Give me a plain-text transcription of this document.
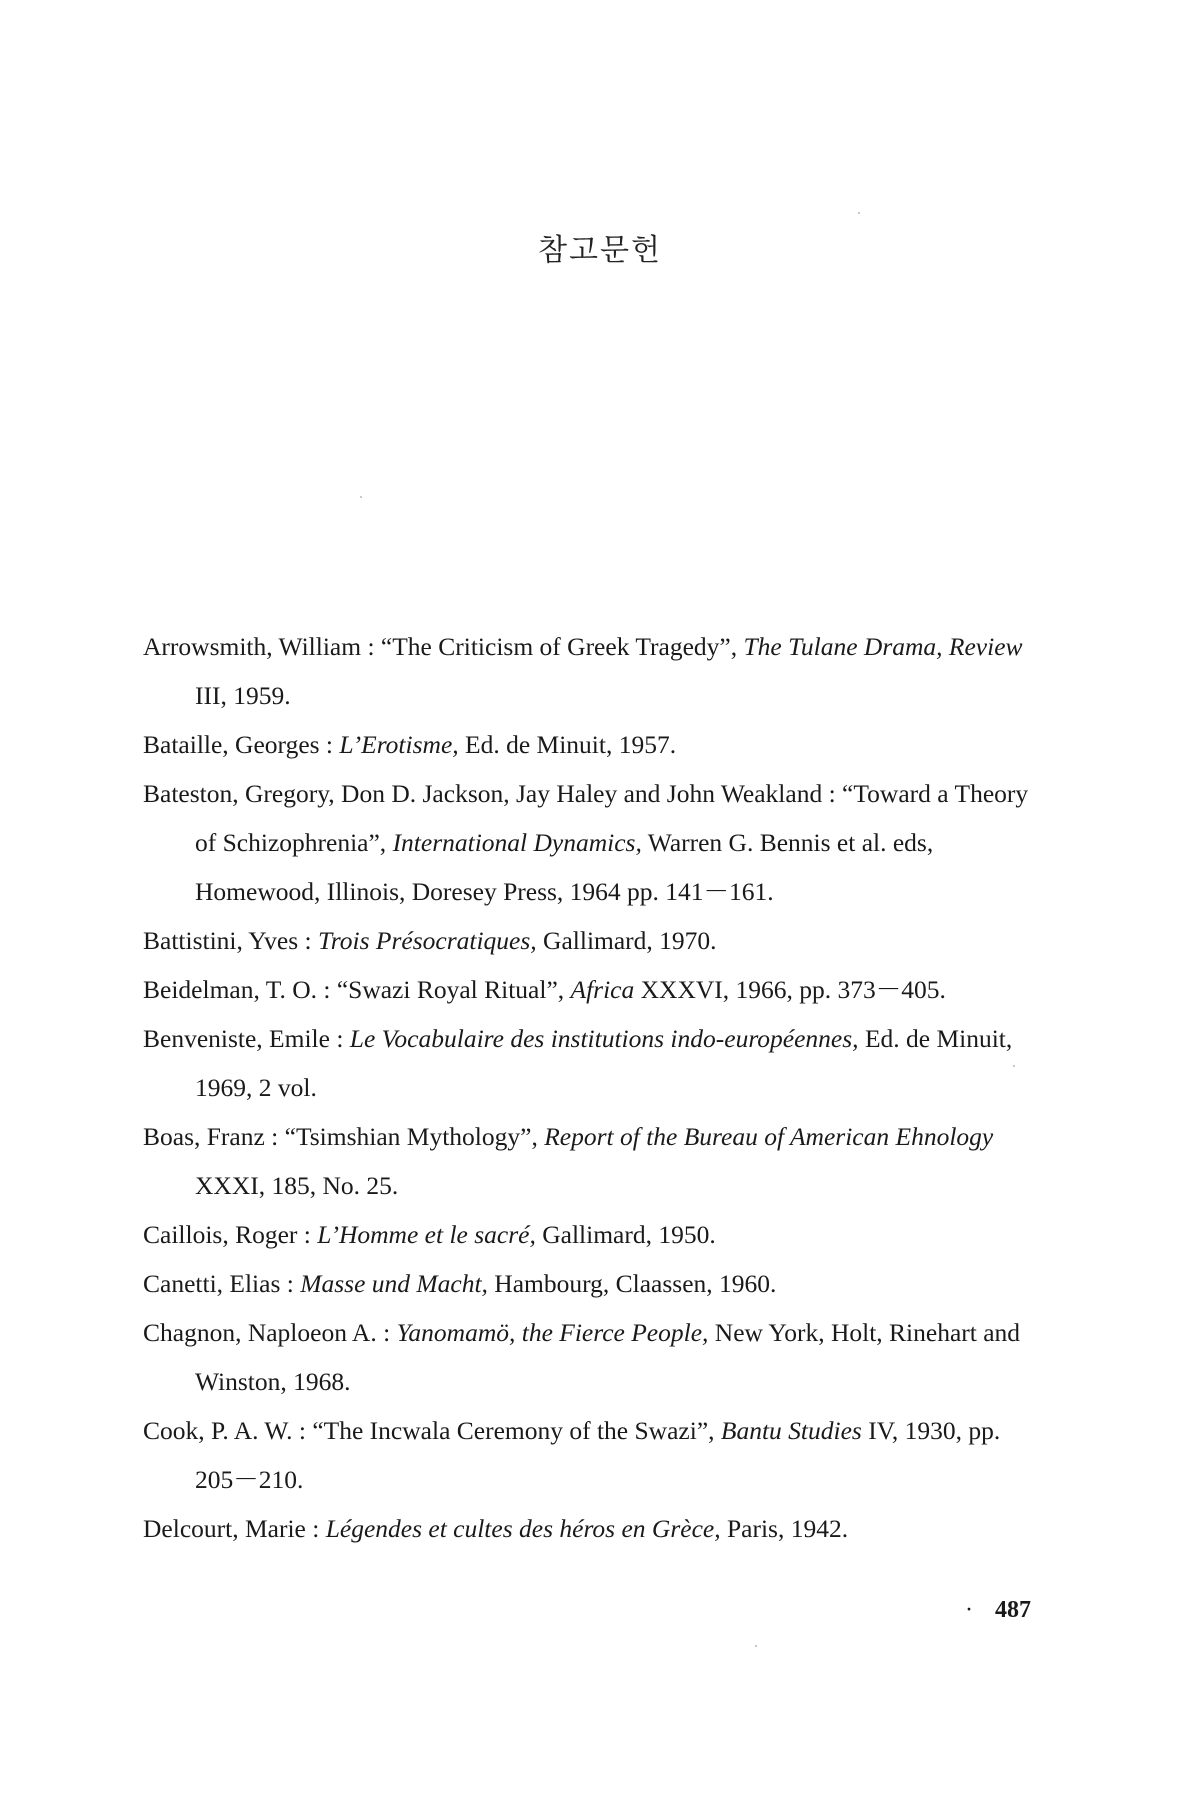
참고문헌

Arrowsmith, William : “The Criticism of Greek Tragedy”, The Tulane Drama, Review III, 1959.

Bataille, Georges : L’Erotisme, Ed. de Minuit, 1957.

Bateston, Gregory, Don D. Jackson, Jay Haley and John Weakland : “Toward a Theory of Schizophrenia”, International Dynamics, Warren G. Bennis et al. eds, Homewood, Illinois, Doresey Press, 1964 pp. 141－161.

Battistini, Yves : Trois Présocratiques, Gallimard, 1970.

Beidelman, T. O. : “Swazi Royal Ritual”, Africa XXXVI, 1966, pp. 373－405.

Benveniste, Emile : Le Vocabulaire des institutions indo-européennes, Ed. de Minuit, 1969, 2 vol.

Boas, Franz : “Tsimshian Mythology”, Report of the Bureau of American Ehnology XXXI, 185, No. 25.

Caillois, Roger : L’Homme et le sacré, Gallimard, 1950.

Canetti, Elias : Masse und Macht, Hambourg, Claassen, 1960.

Chagnon, Naploeon A. : Yanomamö, the Fierce People, New York, Holt, Rinehart and Winston, 1968.

Cook, P. A. W. : “The Incwala Ceremony of the Swazi”, Bantu Studies IV, 1930, pp. 205－210.

Delcourt, Marie : Légendes et cultes des héros en Grèce, Paris, 1942.

· 487
